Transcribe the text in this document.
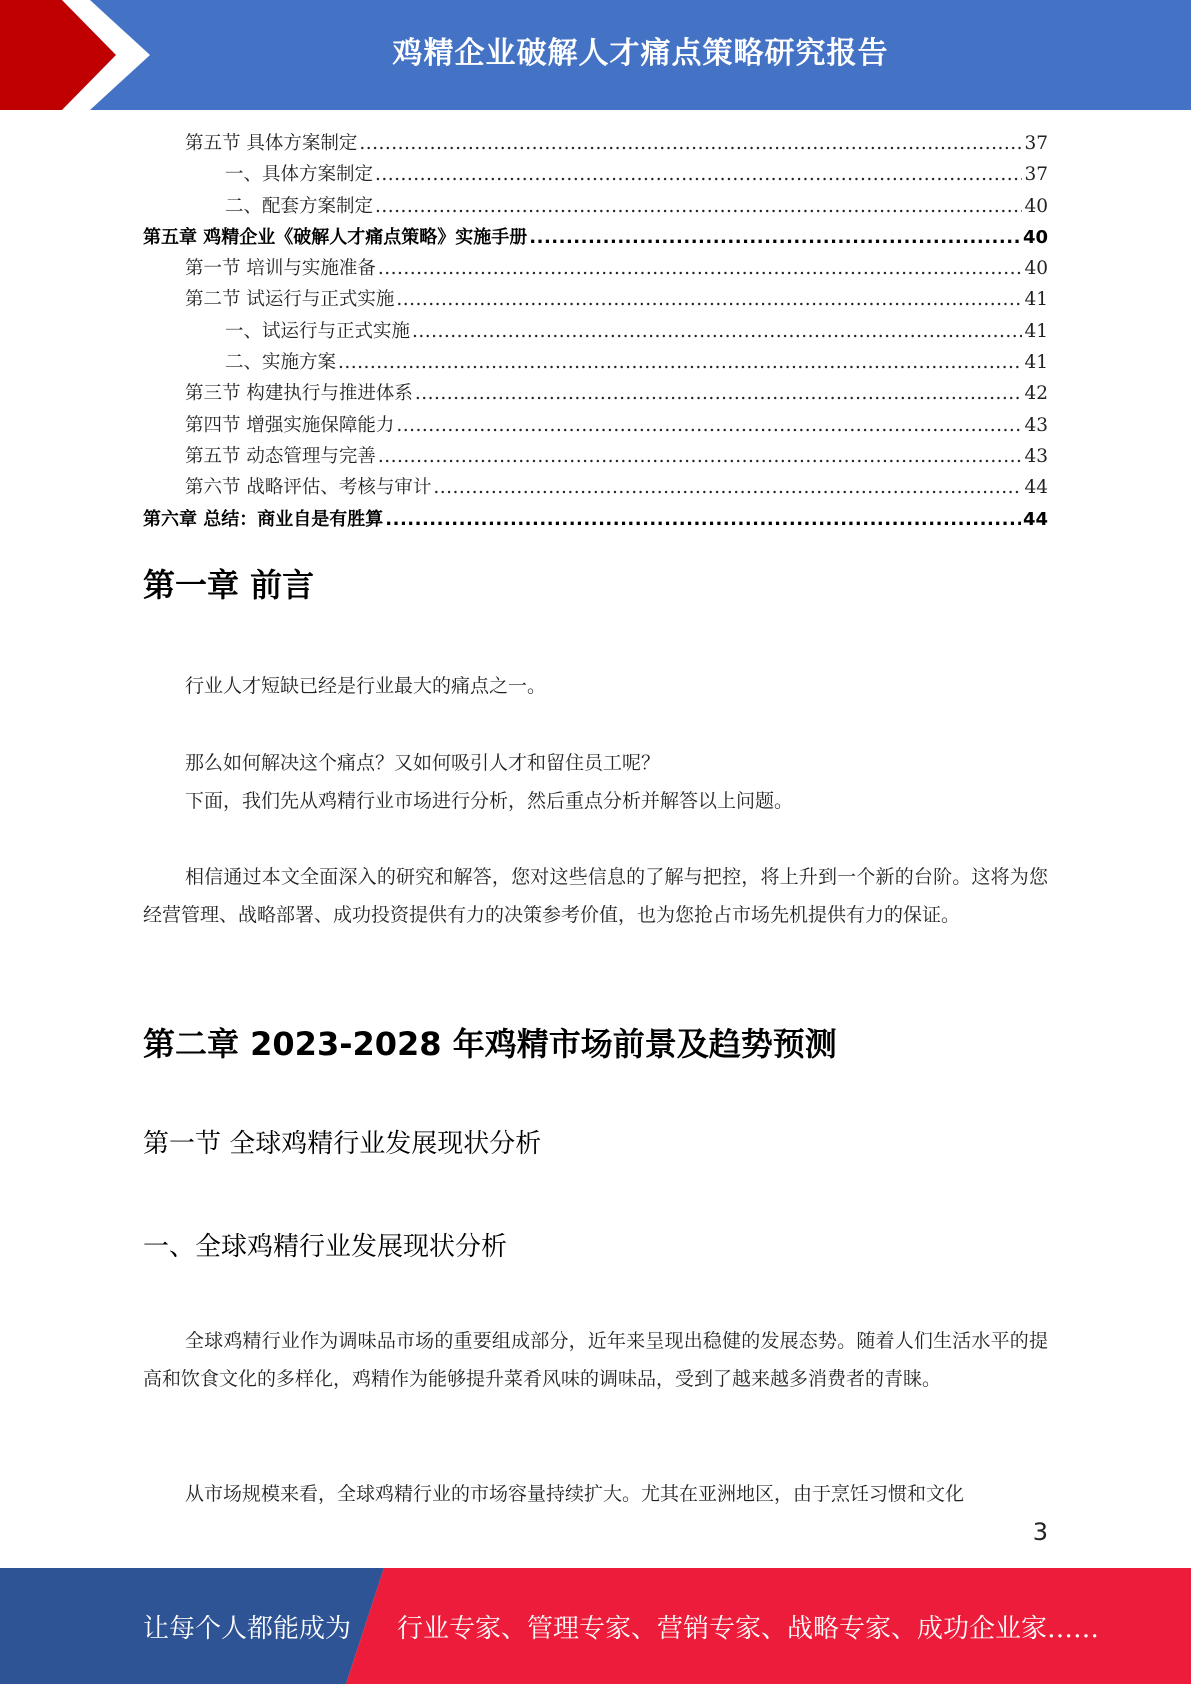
鸡精企业破解人才痛点策略研究报告
第五节 具体方案制定 .....	37
一、具体方案制定 .....	37
二、配套方案制定 .....	40
第五章 鸡精企业《破解人才痛点策略》实施手册 .....	40
第一节 培训与实施准备 .....	40
第二节 试运行与正式实施 .....	41
一、试运行与正式实施 .....	41
二、实施方案 .....	41
第三节 构建执行与推进体系 .....	42
第四节 增强实施保障能力 .....	43
第五节 动态管理与完善 .....	43
第六节 战略评估、考核与审计 .....	44
第六章 总结：商业自是有胜算 .....	44
第一章 前言

行业人才短缺已经是行业最大的痛点之一。

那么如何解决这个痛点？又如何吸引人才和留住员工呢？

下面，我们先从鸡精行业市场进行分析，然后重点分析并解答以上问题。

相信通过本文全面深入的研究和解答，您对这些信息的了解与把控，将上升到一个新的台阶。这将为您经营管理、战略部署、成功投资提供有力的决策参考价值，也为您抢占市场先机提供有力的保证。

第二章 2023-2028 年鸡精市场前景及趋势预测
第一节 全球鸡精行业发展现状分析
一、全球鸡精行业发展现状分析

全球鸡精行业作为调味品市场的重要组成部分，近年来呈现出稳健的发展态势。随着人们生活水平的提高和饮食文化的多样化，鸡精作为能够提升菜肴风味的调味品，受到了越来越多消费者的青睐。

从市场规模来看，全球鸡精行业的市场容量持续扩大。尤其在亚洲地区，由于烹饪习惯和文化

3
让每个人都能成为 行业专家、管理专家、营销专家、战略专家、成功企业家……
